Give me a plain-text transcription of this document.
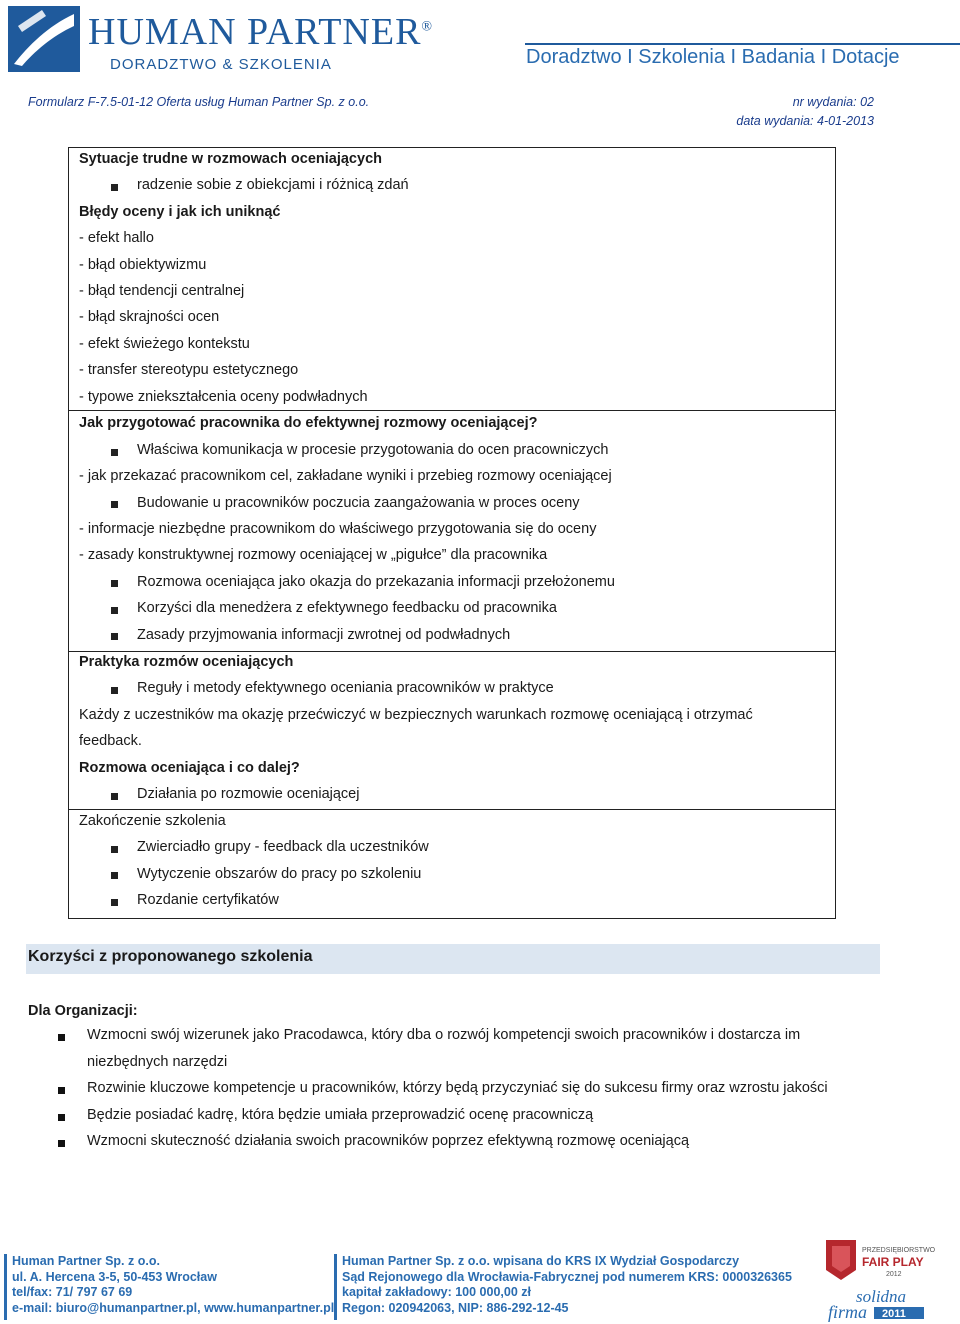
HUMAN PARTNER®
DORADZTWO & SZKOLENIA	Doradztwo I Szkolenia I Badania I Dotacje
Formularz F-7.5-01-12 Oferta usług Human Partner Sp. z o.o.	nr wydania: 02
data wydania: 4-01-2013
Sytuacje trudne w rozmowach oceniających
radzenie sobie z obiekcjami i różnicą zdań
Błędy oceny i jak ich uniknąć
- efekt hallo
- błąd obiektywizmu
- błąd tendencji centralnej
- błąd skrajności ocen
- efekt świeżego kontekstu
- transfer stereotypu estetycznego
- typowe zniekształcenia oceny podwładnych
Jak przygotować pracownika do efektywnej rozmowy oceniającej?
Właściwa komunikacja w procesie przygotowania do ocen pracowniczych
- jak przekazać pracownikom cel, zakładane wyniki i przebieg rozmowy oceniającej
Budowanie u pracowników poczucia zaangażowania w proces oceny
- informacje niezbędne pracownikom do właściwego przygotowania się do oceny
- zasady konstruktywnej rozmowy oceniającej w „pigułce” dla pracownika
Rozmowa oceniająca jako okazja do przekazania informacji przełożonemu
Korzyści dla menedżera z efektywnego feedbacku od pracownika
Zasady przyjmowania informacji zwrotnej od podwładnych
Praktyka rozmów oceniających
Reguły i metody efektywnego oceniania pracowników w praktyce
Każdy z uczestników ma okazję przećwiczyć w bezpiecznych warunkach rozmowę oceniającą i otrzymać
feedback.
Rozmowa oceniająca i co dalej?
Działania po rozmowie oceniającej
Zakończenie szkolenia
Zwierciadło grupy - feedback dla uczestników
Wytyczenie obszarów do pracy po szkoleniu
Rozdanie certyfikatów
Korzyści z proponowanego szkolenia
Dla Organizacji:
Wzmocni swój wizerunek jako Pracodawca, który dba o rozwój kompetencji swoich pracowników i dostarcza im
niezbędnych narzędzi
Rozwinie kluczowe kompetencje u pracowników, którzy będą przyczyniać się do sukcesu firmy oraz wzrostu jakości
Będzie posiadać kadrę, która będzie umiała przeprowadzić ocenę pracowniczą
Wzmocni skuteczność działania swoich pracowników poprzez efektywną rozmowę oceniającą
Human Partner Sp. z o.o.
ul. A. Hercena 3-5, 50-453 Wrocław
tel/fax: 71/ 797 67 69
e-mail: biuro@humanpartner.pl, www.humanpartner.pl
Human Partner Sp. z o.o. wpisana do KRS IX Wydział Gospodarczy
Sąd Rejonowego dla Wrocławia-Fabrycznej pod numerem KRS: 0000326365
kapitał zakładowy: 100 000,00 zł
Regon: 020942063, NIP: 886-292-12-45
PRZEDSIĘBIORSTWO
FAIR PLAY
2012
solidna
firma 2011
